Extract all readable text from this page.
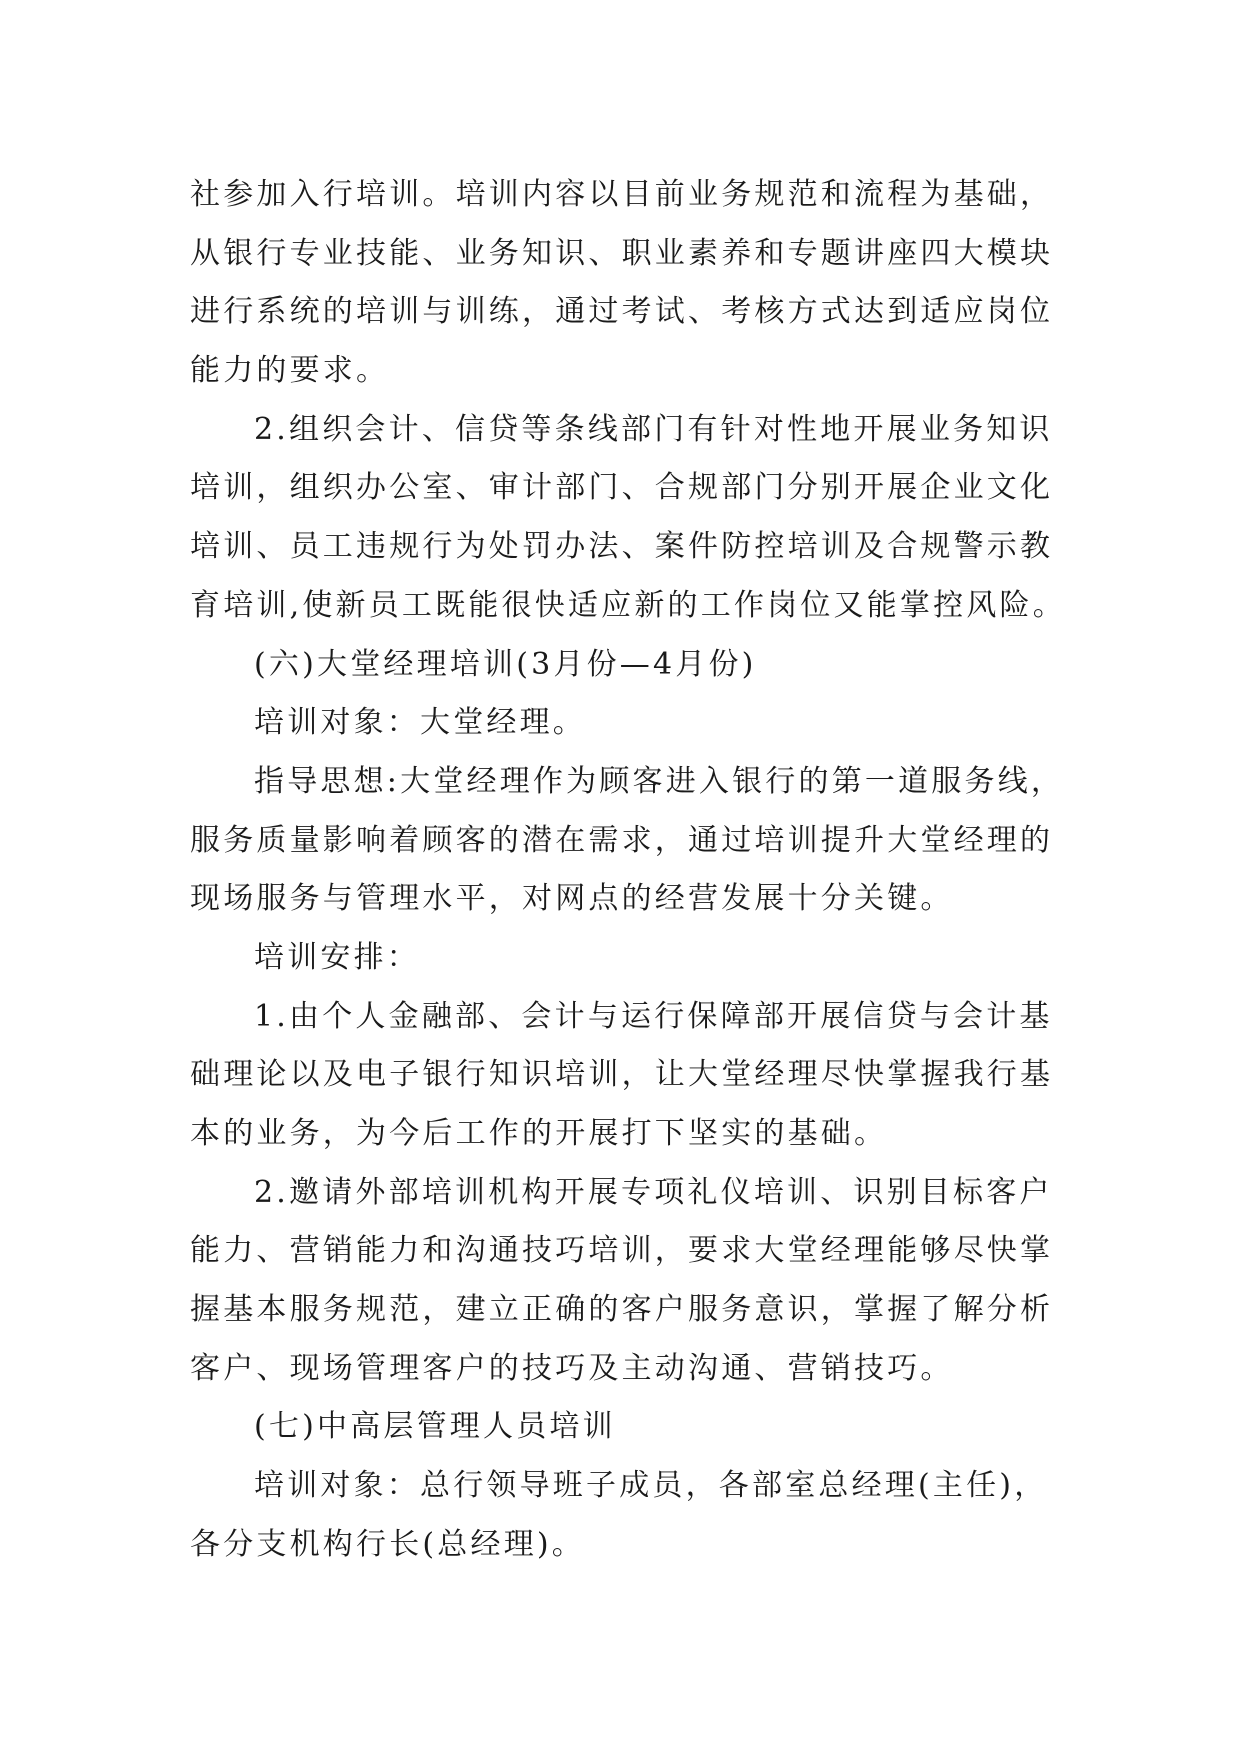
社参加入行培训。培训内容以目前业务规范和流程为基础，
从银行专业技能、业务知识、职业素养和专题讲座四大模块
进行系统的培训与训练，通过考试、考核方式达到适应岗位
能力的要求。
2.组织会计、信贷等条线部门有针对性地开展业务知识
培训，组织办公室、审计部门、合规部门分别开展企业文化
培训、员工违规行为处罚办法、案件防控培训及合规警示教
育培训,使新员工既能很快适应新的工作岗位又能掌控风险。
(六)大堂经理培训(3月份—4月份)
培训对象：大堂经理。
指导思想:大堂经理作为顾客进入银行的第一道服务线，
服务质量影响着顾客的潜在需求，通过培训提升大堂经理的
现场服务与管理水平，对网点的经营发展十分关键。
培训安排：
1.由个人金融部、会计与运行保障部开展信贷与会计基
础理论以及电子银行知识培训，让大堂经理尽快掌握我行基
本的业务，为今后工作的开展打下坚实的基础。
2.邀请外部培训机构开展专项礼仪培训、识别目标客户
能力、营销能力和沟通技巧培训，要求大堂经理能够尽快掌
握基本服务规范，建立正确的客户服务意识，掌握了解分析
客户、现场管理客户的技巧及主动沟通、营销技巧。
(七)中高层管理人员培训
培训对象：总行领导班子成员，各部室总经理(主任)，
各分支机构行长(总经理)。
